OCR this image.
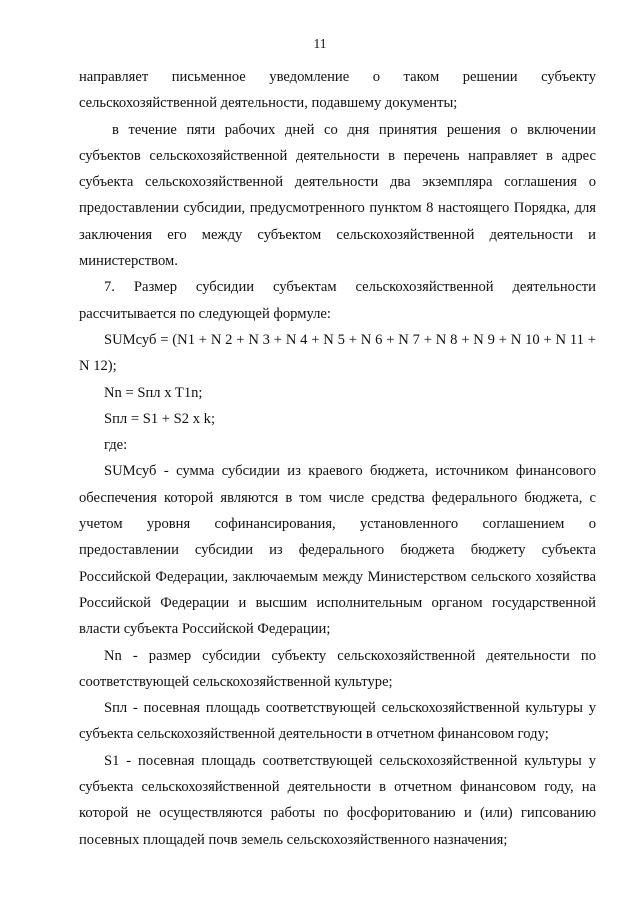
11

направляет письменное уведомление о таком решении субъекту сельскохозяйственной деятельности, подавшему документы;

в течение пяти рабочих дней со дня принятия решения о включении субъектов сельскохозяйственной деятельности в перечень направляет в адрес субъекта сельскохозяйственной деятельности два экземпляра соглашения о предоставлении субсидии, предусмотренного пунктом 8 настоящего Порядка, для заключения его между субъектом сельскохозяйственной деятельности и министерством.

7. Размер субсидии субъектам сельскохозяйственной деятельности рассчитывается по следующей формуле:

SUMсуб = (N1 + N 2 + N 3 + N 4 + N 5 + N 6 + N 7 + N 8 + N 9 + N 10 + N 11 + N 12);

Nn = Sпл x T1n;

Sпл = S1 + S2 x k;

где:

SUMсуб - сумма субсидии из краевого бюджета, источником финансового обеспечения которой являются в том числе средства федерального бюджета, с учетом уровня софинансирования, установленного соглашением о предоставлении субсидии из федерального бюджета бюджету субъекта Российской Федерации, заключаемым между Министерством сельского хозяйства Российской Федерации и высшим исполнительным органом государственной власти субъекта Российской Федерации;

Nn - размер субсидии субъекту сельскохозяйственной деятельности по соответствующей сельскохозяйственной культуре;

Sпл - посевная площадь соответствующей сельскохозяйственной культуры у субъекта сельскохозяйственной деятельности в отчетном финансовом году;

S1 - посевная площадь соответствующей сельскохозяйственной культуры у субъекта сельскохозяйственной деятельности в отчетном финансовом году, на которой не осуществляются работы по фосфоритованию и (или) гипсованию посевных площадей почв земель сельскохозяйственного назначения;
